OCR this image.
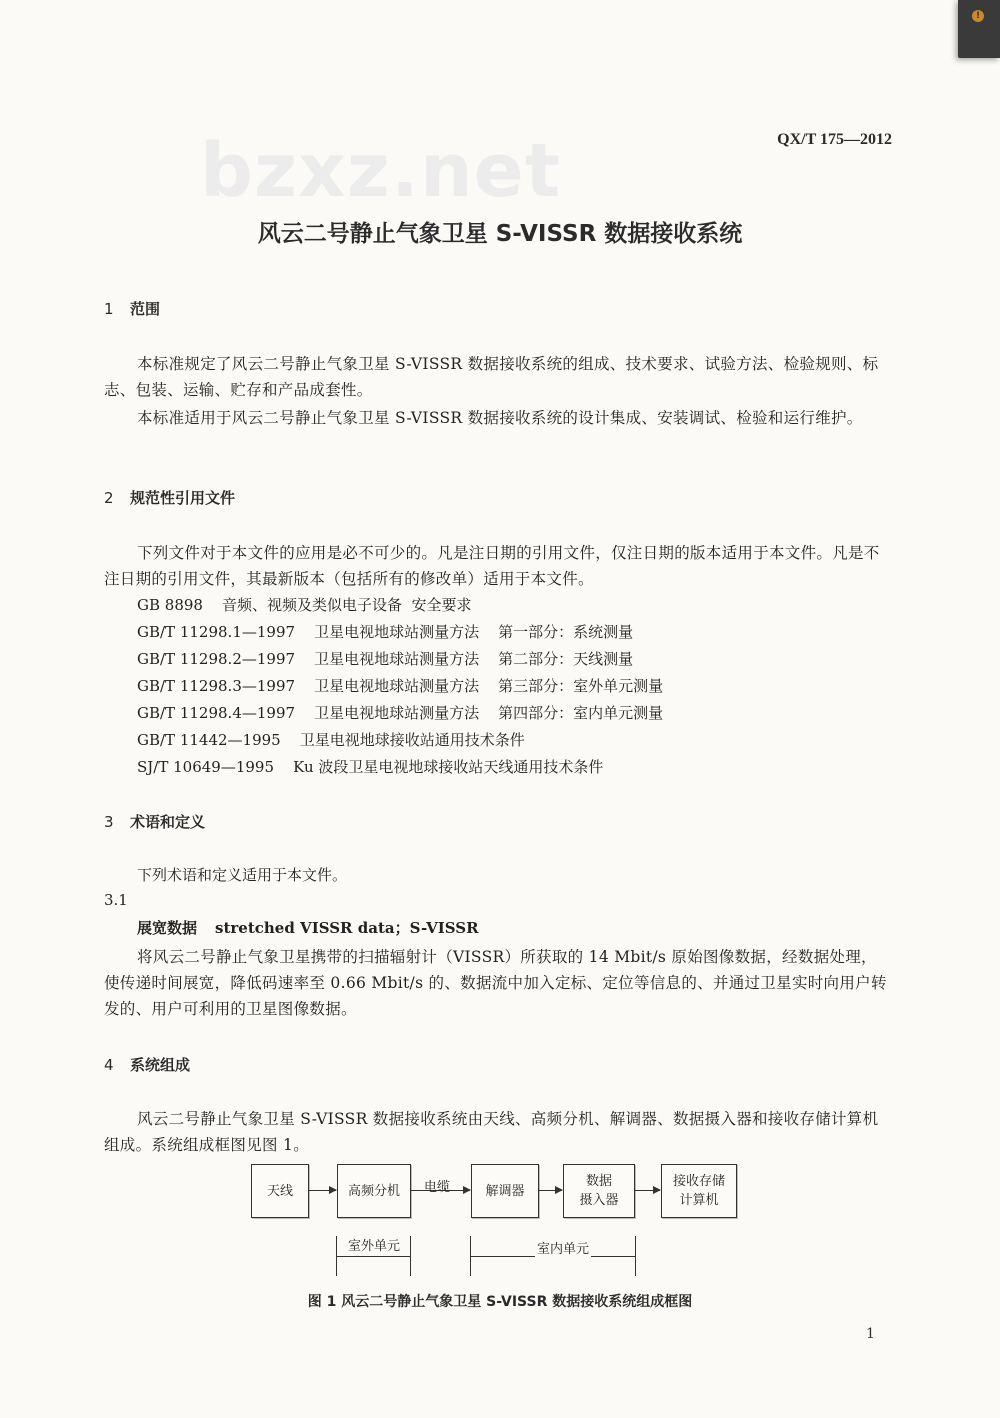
!
QX/T 175—2012
bzxz.net
风云二号静止气象卫星 S-VISSR 数据接收系统
1 范围
本标准规定了风云二号静止气象卫星 S-VISSR 数据接收系统的组成、技术要求、试验方法、检验规则、标志、包装、运输、贮存和产品成套性。
本标准适用于风云二号静止气象卫星 S-VISSR 数据接收系统的设计集成、安装调试、检验和运行维护。
2 规范性引用文件
下列文件对于本文件的应用是必不可少的。凡是注日期的引用文件，仅注日期的版本适用于本文件。凡是不注日期的引用文件，其最新版本（包括所有的修改单）适用于本文件。
GB 8898    音频、视频及类似电子设备  安全要求
GB/T 11298.1—1997    卫星电视地球站测量方法    第一部分：系统测量
GB/T 11298.2—1997    卫星电视地球站测量方法    第二部分：天线测量
GB/T 11298.3—1997    卫星电视地球站测量方法    第三部分：室外单元测量
GB/T 11298.4—1997    卫星电视地球站测量方法    第四部分：室内单元测量
GB/T 11442—1995    卫星电视地球接收站通用技术条件
SJ/T 10649—1995    Ku 波段卫星电视地球接收站天线通用技术条件
3 术语和定义
下列术语和定义适用于本文件。
3.1
展宽数据 stretched VISSR data；S-VISSR
将风云二号静止气象卫星携带的扫描辐射计（VISSR）所获取的 14 Mbit/s 原始图像数据，经数据处理，使传递时间展宽，降低码速率至 0.66 Mbit/s 的、数据流中加入定标、定位等信息的、并通过卫星实时向用户转发的、用户可利用的卫星图像数据。
4 系统组成
风云二号静止气象卫星 S-VISSR 数据接收系统由天线、高频分机、解调器、数据摄入器和接收存储计算机组成。系统组成框图见图 1。
天线	高频分机	电缆	解调器
数据
摄入器
接收存储
计算机
室外单元	室内单元
图 1 风云二号静止气象卫星 S-VISSR 数据接收系统组成框图
1
